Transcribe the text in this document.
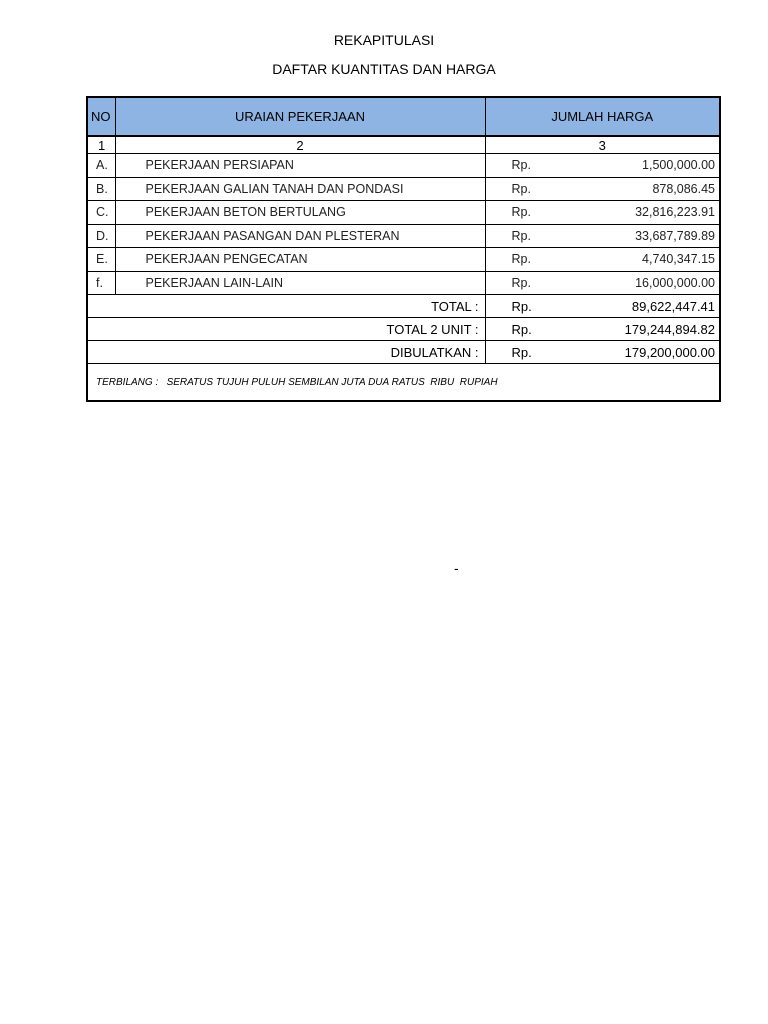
REKAPITULASI
DAFTAR KUANTITAS DAN HARGA
NO	URAIAN PEKERJAAN	JUMLAH HARGA	
1	2	3	
A.	PEKERJAAN PERSIAPAN	Rp.	1,500,000.00
B.	PEKERJAAN GALIAN TANAH DAN PONDASI	Rp.	878,086.45
C.	PEKERJAAN BETON BERTULANG	Rp.	32,816,223.91
D.	PEKERJAAN PASANGAN DAN PLESTERAN	Rp.	33,687,789.89
E.	PEKERJAAN PENGECATAN	Rp.	4,740,347.15
f.	PEKERJAAN LAIN-LAIN	Rp.	16,000,000.00
TOTAL :		Rp.	89,622,447.41
TOTAL 2 UNIT :		Rp.	179,244,894.82
DIBULATKAN :		Rp.	179,200,000.00
TERBILANG :   SERATUS TUJUH PULUH SEMBILAN JUTA DUA RATUS  RIBU  RUPIAH			
-
